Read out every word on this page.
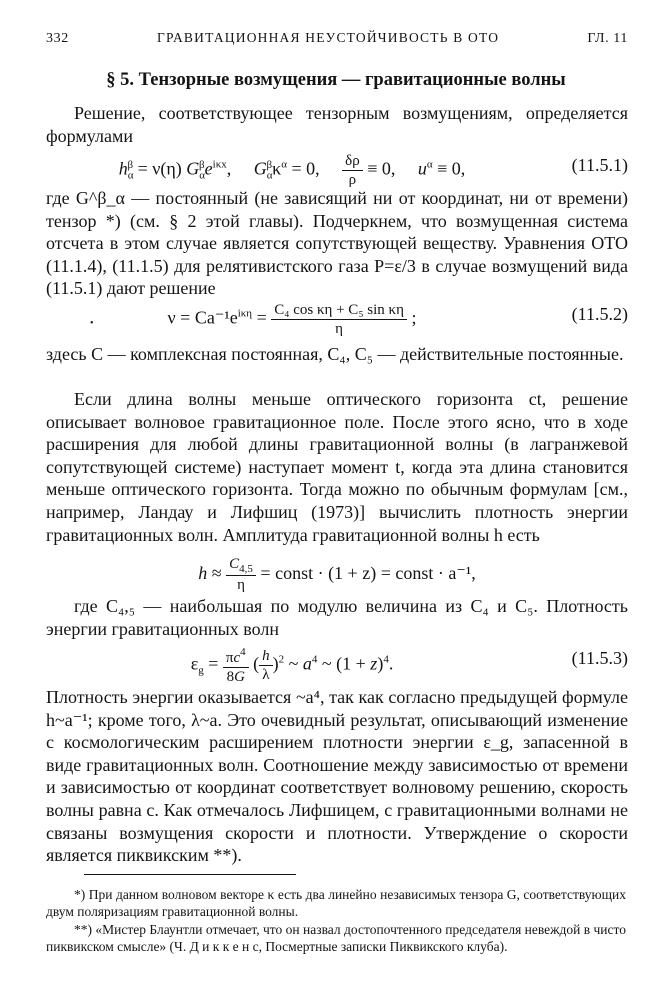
332	ГРАВИТАЦИОННАЯ НЕУСТОЙЧИВОСТЬ В ОТО	ГЛ. 11
§ 5. Тензорные возмущения — гравитационные волны

Решение, соответствующее тензорным возмущениям, определяется формулами

$h_\alpha^\beta = \nu(\eta)$ $G_\alpha^\beta e^{i\kappa x}$,     $G_\alpha^\beta\kappa^\alpha = 0$, $\frac{\delta\rho}{\rho} \equiv 0$,     $u^\alpha \equiv 0$,	(11.5.1)

где G^β_α — постоянный (не зависящий ни от координат, ни от времени) тензор *) (см. § 2 этой главы). Подчеркнем, что возмущенная система отсчета в этом случае является сопутствующей веществу. Уравнения ОТО (11.1.4), (11.1.5) для релятивистского газа P=ε/3 в случае возмущений вида (11.5.1) дают решение

•	$\nu = Ca^{-1}e^{i\kappa\eta} = \frac{\text{C₄ cos κη + C₅ sin κη}}{\eta}$ ;	(11.5.2)

здесь C — комплексная постоянная, C₄, C₅ — действительные постоянные.

Если длина волны меньше оптического горизонта ct, решение описывает волновое гравитационное поле. После этого ясно, что в ходе расширения для любой длины гравитационной волны (в лагранжевой сопутствующей системе) наступает момент t, когда эта длина становится меньше оптического горизонта. Тогда можно по обычным формулам [см., например, Ландау и Лифшиц (1973)] вычислить плотность энергии гравитационных волн. Амплитуда гравитационной волны h есть

$h \approx \frac{C_{4,5}}{\eta}$ = const · (1 + z) = const · a⁻¹,

где C₄,₅ — наибольшая по модулю величина из C₄ и C₅. Плотность энергии гравитационных волн

$\varepsilon_g = \frac{\pi c^4}{8G}$ ( $\frac{h}{\lambda} )^2$ ~ $a^4$ ~ $(1 + z)^4$.	(11.5.3)

Плотность энергии оказывается ~a⁴, так как согласно предыдущей формуле h~a⁻¹; кроме того, λ~a. Это очевидный результат, описывающий изменение с космологическим расширением плотности энергии ε_g, запасенной в виде гравитационных волн. Соотношение между зависимостью от времени и зависимостью от координат соответствует волновому решению, скорость волны равна c. Как отмечалось Лифшицем, с гравитационными волнами не связаны возмущения скорости и плотности. Утверждение о скорости является пиквикским **).

*) При данном волновом векторе κ есть два линейно независимых тензора G, соответствующих двум поляризациям гравитационной волны.

**) «Мистер Блаунтли отмечает, что он назвал достопочтенного председателя невеждой в чисто пиквикском смысле» (Ч. Д и к к е н с, Посмертные записки Пиквикского клуба).
